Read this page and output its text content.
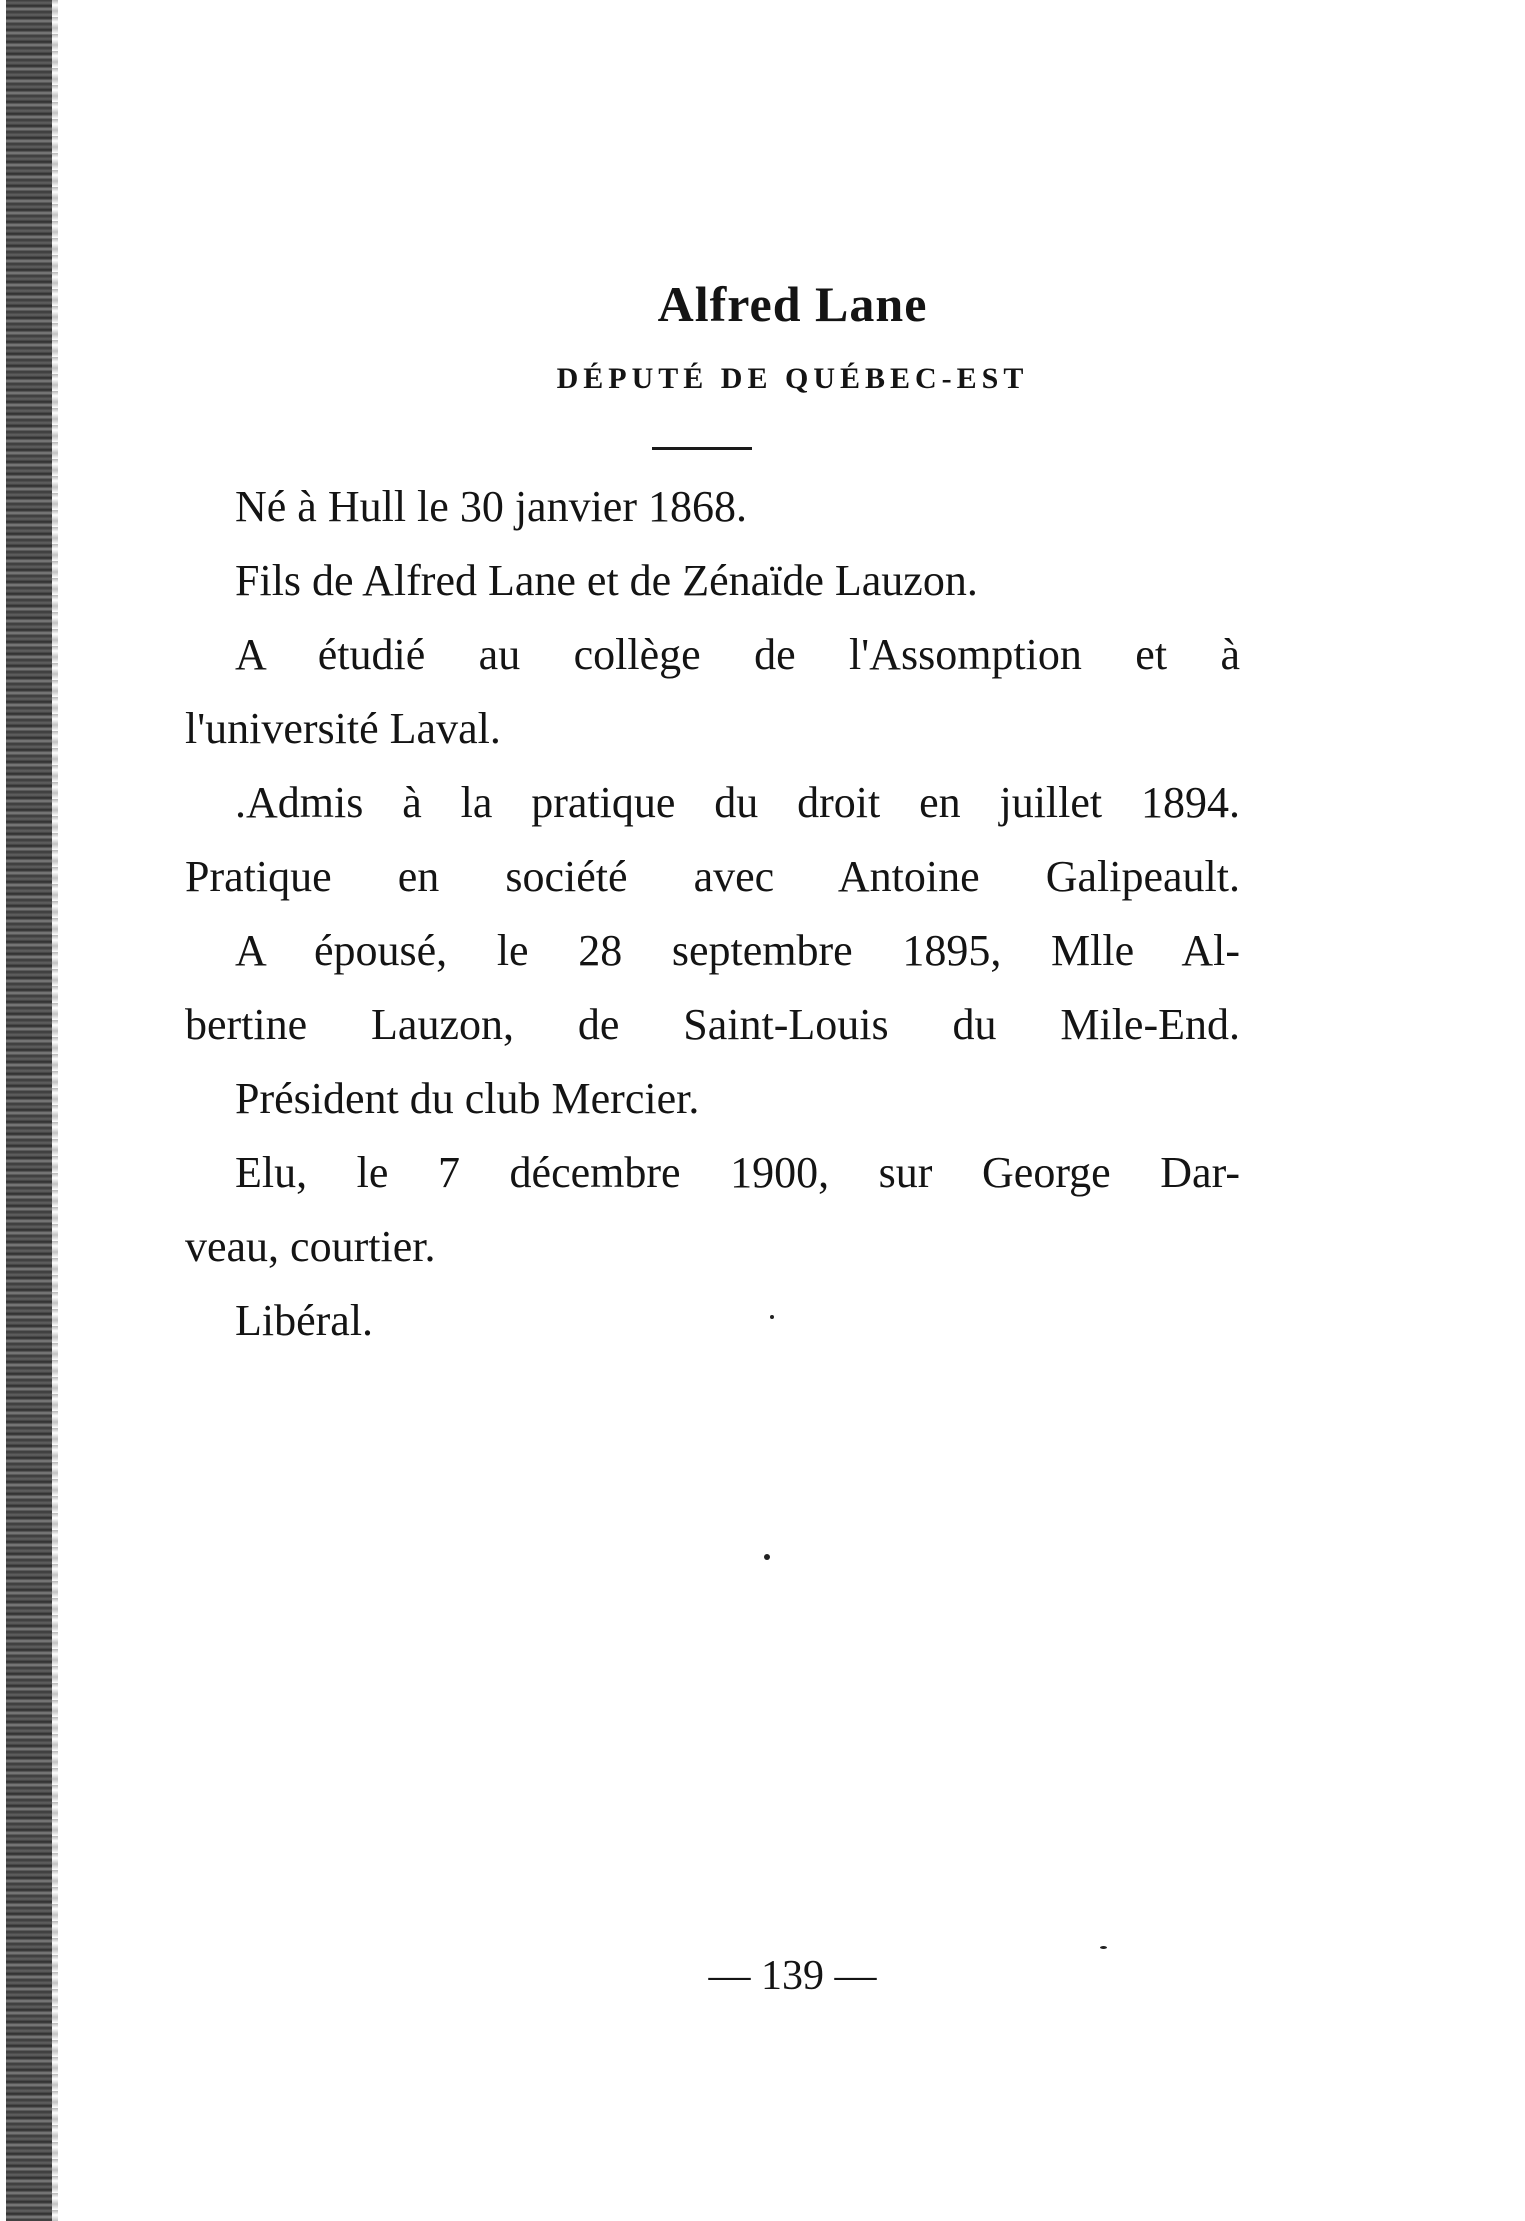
Alfred Lane
DÉPUTÉ DE QUÉBEC-EST

Né à Hull le 30 janvier 1868.

Fils de Alfred Lane et de Zénaïde Lauzon.

A étudié au collège de l'Assomption et à

l'université Laval.

.Admis à la pratique du droit en juillet 1894.

Pratique en société avec Antoine Galipeault.

A épousé, le 28 septembre 1895, Mlle Al-

bertine Lauzon, de Saint-Louis du Mile-End.

Président du club Mercier.

Elu, le 7 décembre 1900, sur George Dar-

veau, courtier.

Libéral.

— 139 —
